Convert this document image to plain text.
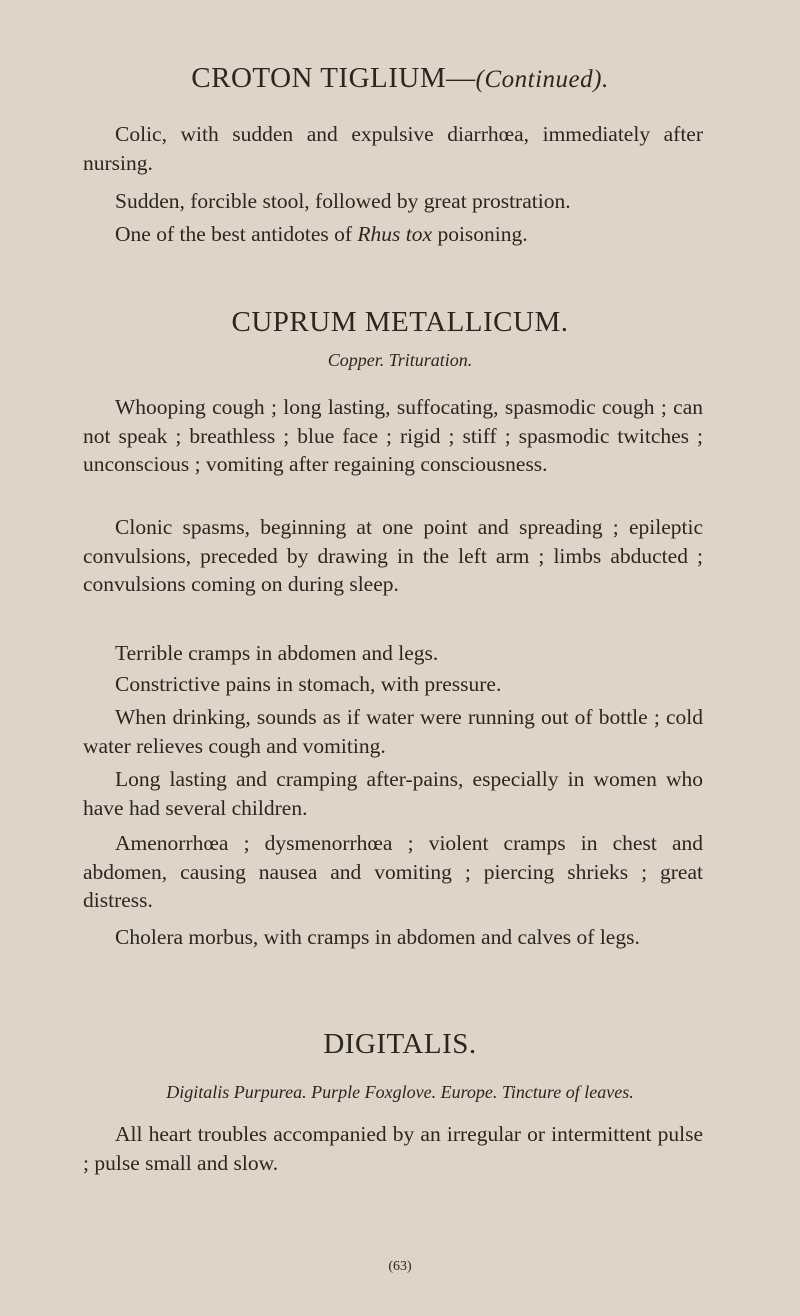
CROTON TIGLIUM—(Continued).

Colic, with sudden and expulsive diarrhœa, immediately after nursing.

Sudden, forcible stool, followed by great prostration.

One of the best antidotes of Rhus tox poisoning.

CUPRUM METALLICUM.

Copper. Trituration.

Whooping cough ; long lasting, suffocating, spasmodic cough ; can not speak ; breathless ; blue face ; rigid ; stiff ; spasmodic twitches ; unconscious ; vomiting after regaining consciousness.

Clonic spasms, beginning at one point and spreading ; epileptic convulsions, preceded by drawing in the left arm ; limbs abducted ; convulsions coming on during sleep.

Terrible cramps in abdomen and legs.

Constrictive pains in stomach, with pressure.

When drinking, sounds as if water were running out of bottle ; cold water relieves cough and vomiting.

Long lasting and cramping after-pains, especially in women who have had several children.

Amenorrhœa ; dysmenorrhœa ; violent cramps in chest and abdomen, causing nausea and vomiting ; piercing shrieks ; great distress.

Cholera morbus, with cramps in abdomen and calves of legs.

DIGITALIS.

Digitalis Purpurea. Purple Foxglove. Europe. Tincture of leaves.

All heart troubles accompanied by an irregular or intermittent pulse ; pulse small and slow.

(63)
